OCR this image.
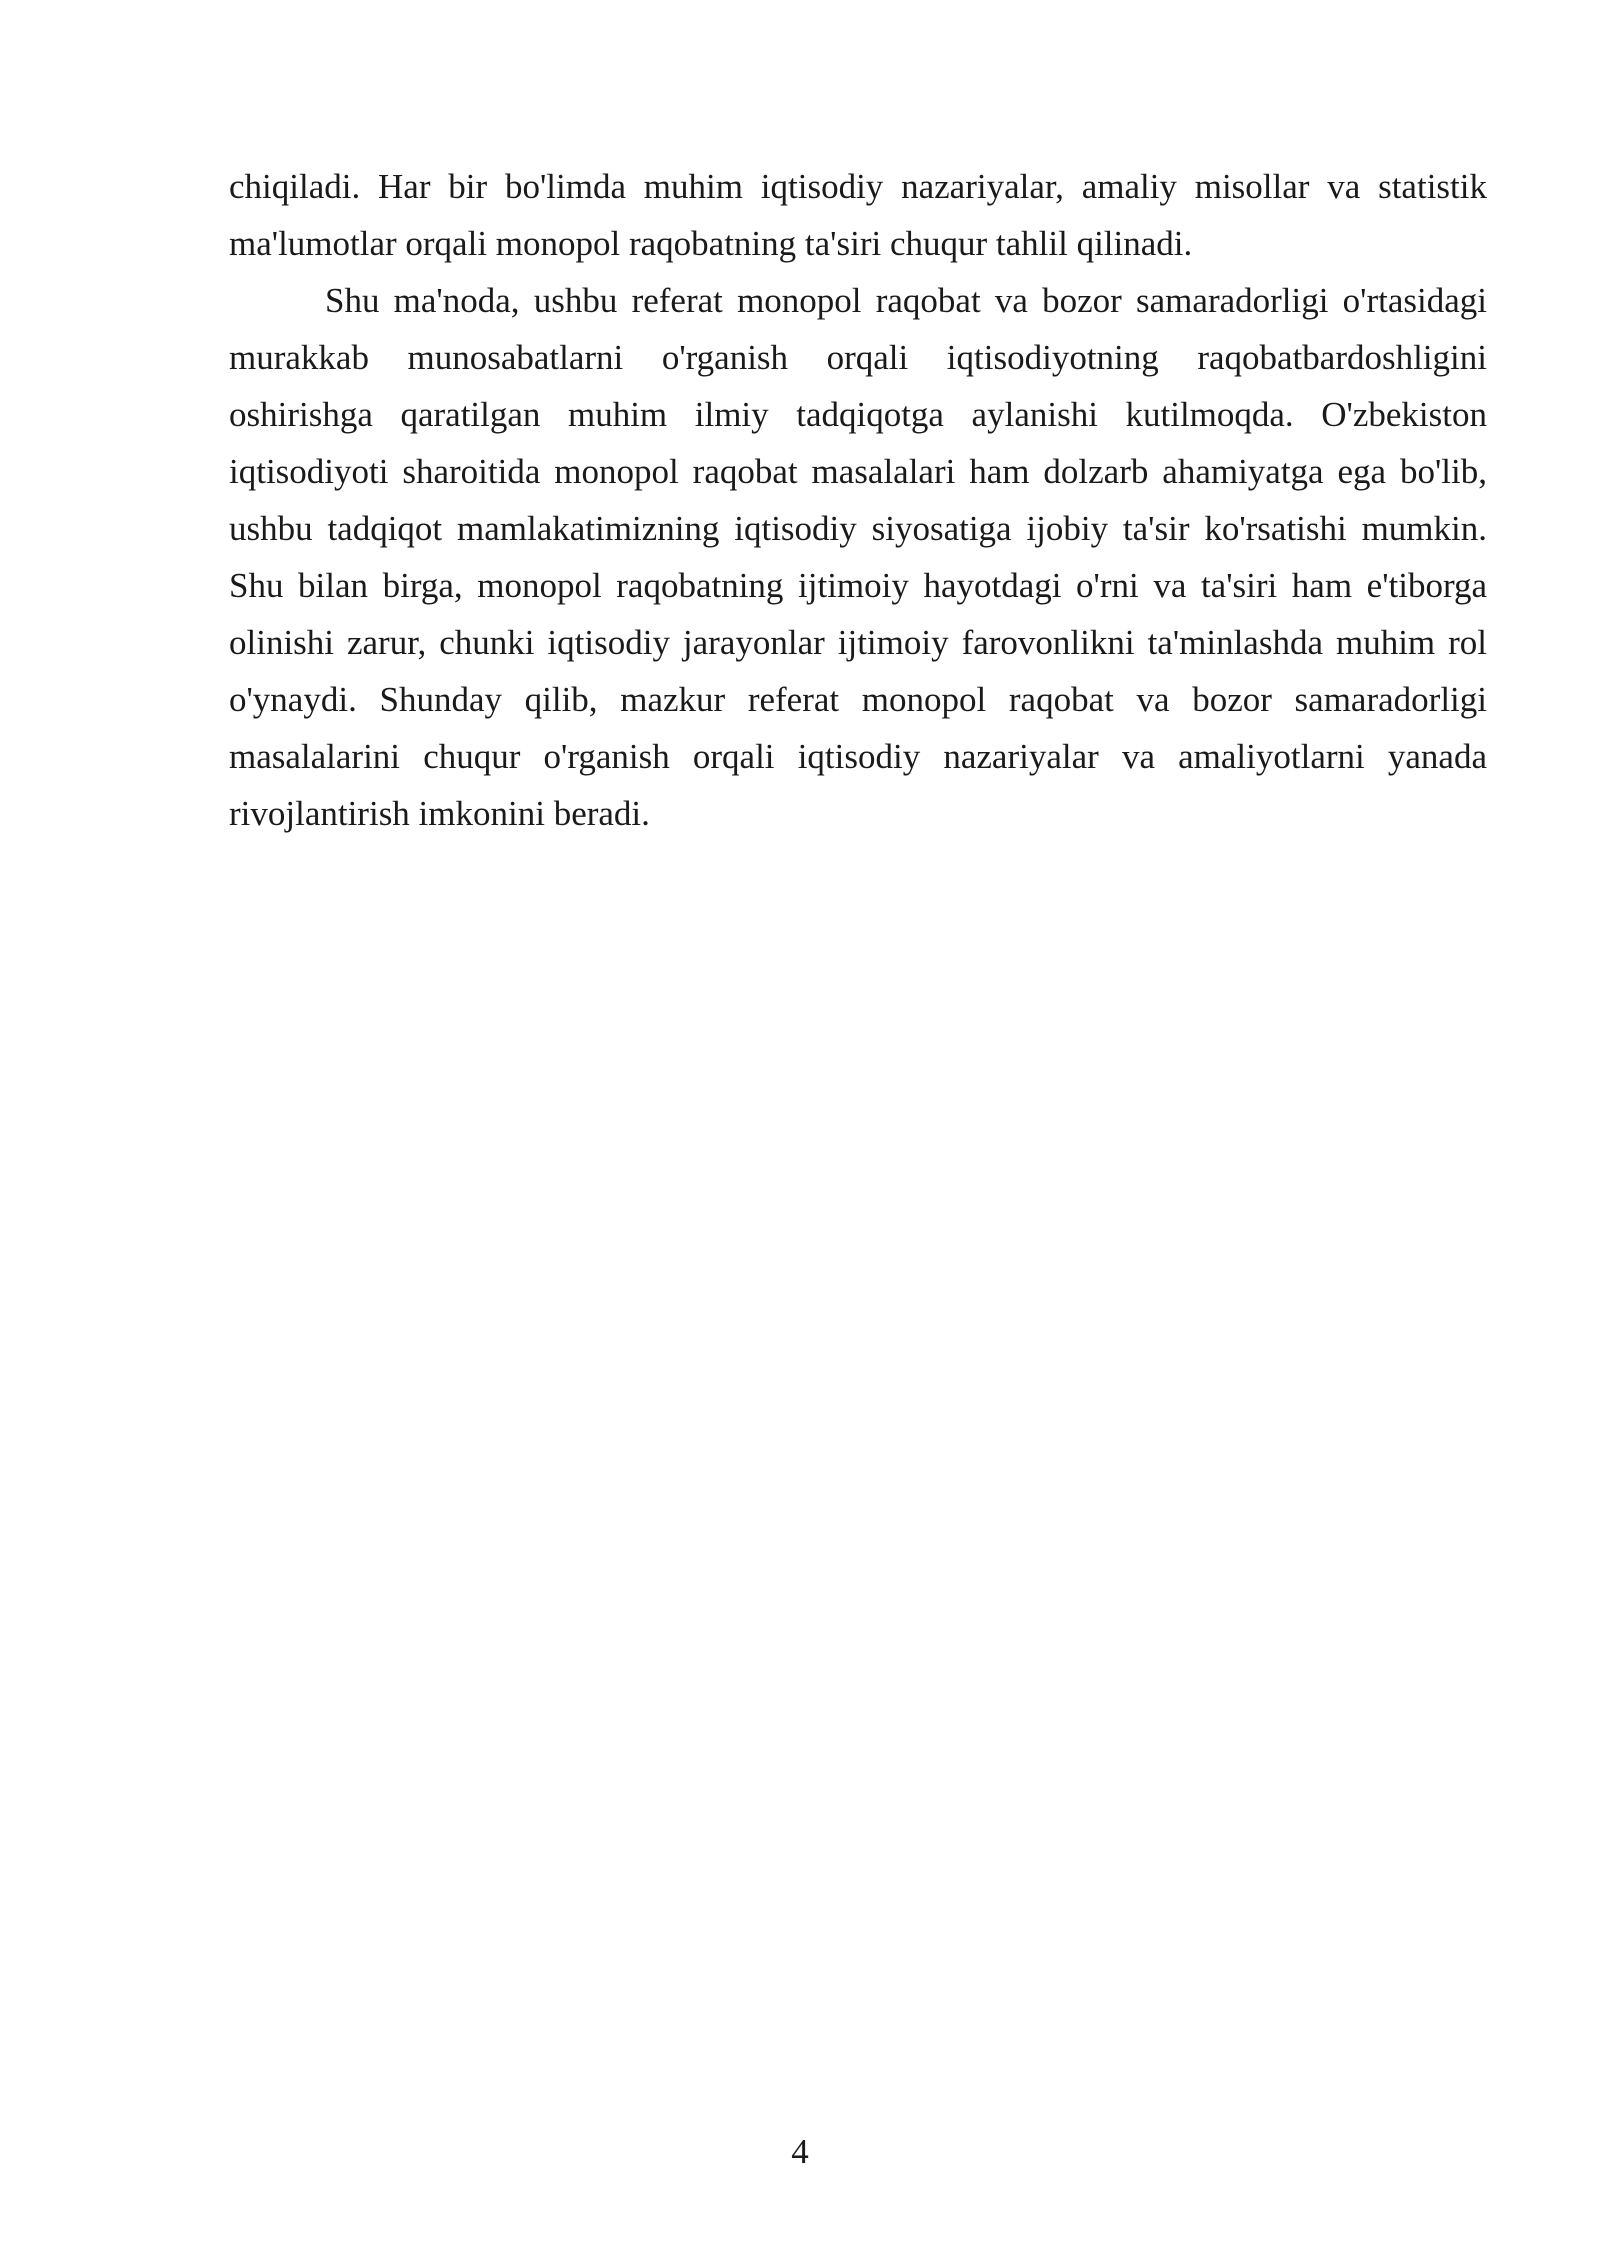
chiqiladi. Har bir bo'limda muhim iqtisodiy nazariyalar, amaliy misollar va statistik ma'lumotlar orqali monopol raqobatning ta'siri chuqur tahlil qilinadi.

Shu ma'noda, ushbu referat monopol raqobat va bozor samaradorligi o'rtasidagi murakkab munosabatlarni o'rganish orqali iqtisodiyotning raqobatbardoshligini oshirishga qaratilgan muhim ilmiy tadqiqotga aylanishi kutilmoqda. O'zbekiston iqtisodiyoti sharoitida monopol raqobat masalalari ham dolzarb ahamiyatga ega bo'lib, ushbu tadqiqot mamlakatimizning iqtisodiy siyosatiga ijobiy ta'sir ko'rsatishi mumkin. Shu bilan birga, monopol raqobatning ijtimoiy hayotdagi o'rni va ta'siri ham e'tiborga olinishi zarur, chunki iqtisodiy jarayonlar ijtimoiy farovonlikni ta'minlashda muhim rol o'ynaydi. Shunday qilib, mazkur referat monopol raqobat va bozor samaradorligi masalalarini chuqur o'rganish orqali iqtisodiy nazariyalar va amaliyotlarni yanada rivojlantirish imkonini beradi.

4
